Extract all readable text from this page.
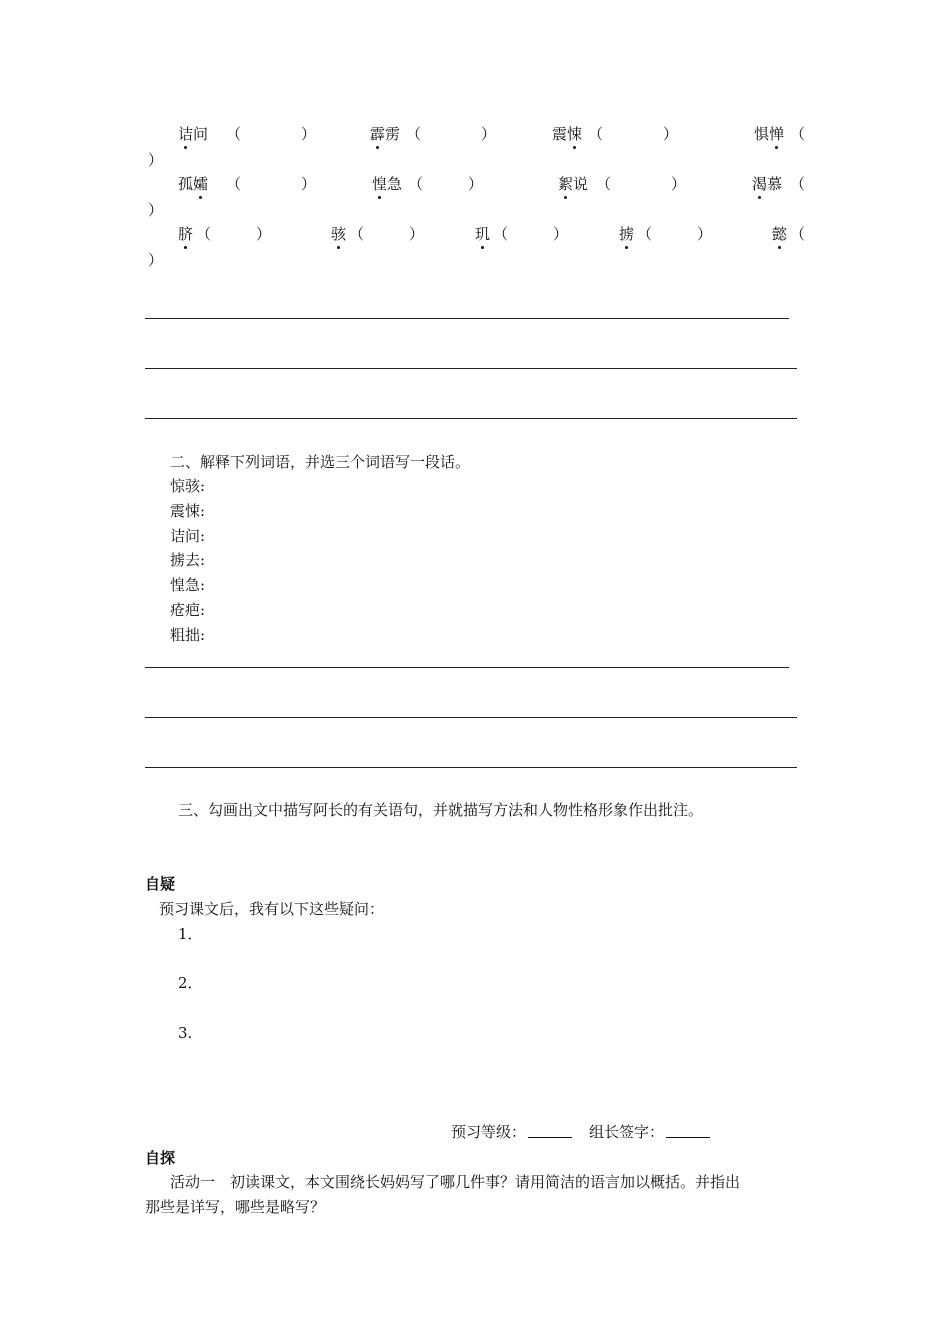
诘问 （　　　　）	霹雳 （　　　　）	震悚 （　　　　）	惧惮 （
）
孤孀 （　　　　）	惶急 （　　　）	絮说 （　　　　）	渴慕 （
）
脐 （　　　）	骇 （　　　）	玑 （　　　）	掳 （　　　）	懿 （
）
二、解释下列词语，并选三个词语写一段话。
惊骇:
震悚:
诘问:
掳去:
惶急:
疮疤:
粗拙:
三、勾画出文中描写阿长的有关语句，并就描写方法和人物性格形象作出批注。
自疑
预习课文后，我有以下这些疑问：
1．
2．
3.
预习等级：	组长签字：
自探
活动一　初读课文，本文围绕长妈妈写了哪几件事？请用简洁的语言加以概括。并指出
那些是详写，哪些是略写？
